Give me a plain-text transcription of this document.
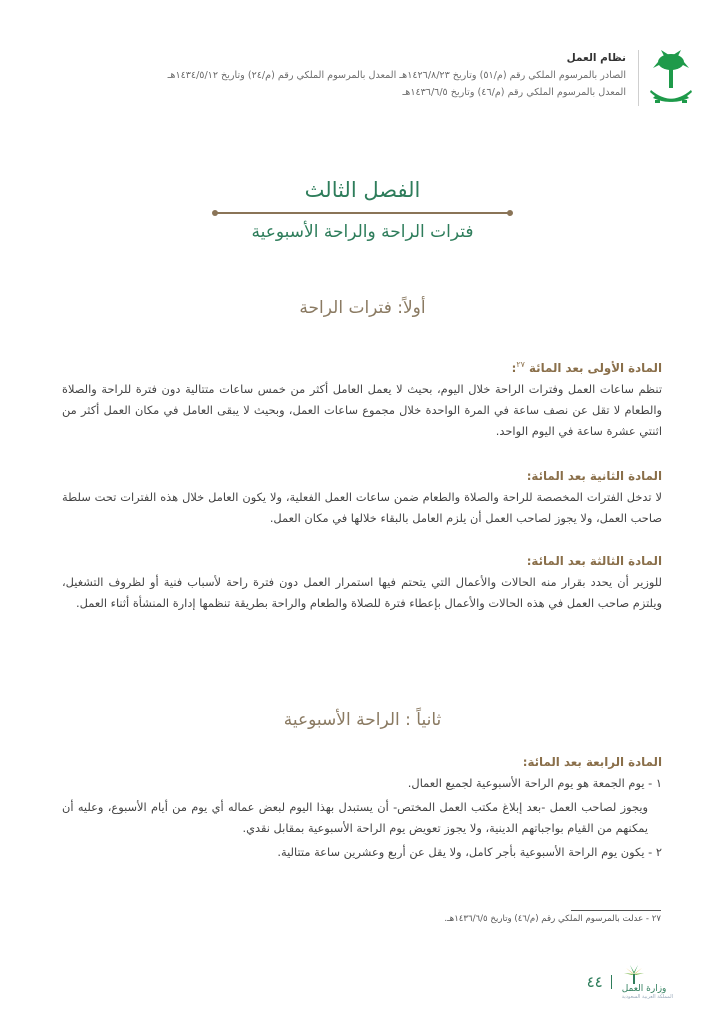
نظام العمل
الصادر بالمرسوم الملكي رقم (م/٥١) وتاريخ ١٤٢٦/٨/٢٣هـ المعدل بالمرسوم الملكي رقم (م/٢٤) وتاريخ ١٤٣٤/٥/١٢هـ
المعدل بالمرسوم الملكي رقم (م/٤٦) وتاريخ ١٤٣٦/٦/٥هـ
الفصل الثالث
فترات الراحة والراحة الأسبوعية
أولاً: فترات الراحة
المادة الأولى بعد المائة $^{٢٧}$:
تنظم ساعات العمل وفترات الراحة خلال اليوم، بحيث لا يعمل العامل أكثر من خمس ساعات متتالية دون فترة للراحة والصلاة والطعام لا تقل عن نصف ساعة في المرة الواحدة خلال مجموع ساعات العمل، وبحيث لا يبقى العامل في مكان العمل أكثر من اثنتي عشرة ساعة في اليوم الواحد.
المادة الثانية بعد المائة:
لا تدخل الفترات المخصصة للراحة والصلاة والطعام ضمن ساعات العمل الفعلية، ولا يكون العامل خلال هذه الفترات تحت سلطة صاحب العمل، ولا يجوز لصاحب العمل أن يلزم العامل بالبقاء خلالها في مكان العمل.
المادة الثالثة بعد المائة:
للوزير أن يحدد بقرار منه الحالات والأعمال التي يتحتم فيها استمرار العمل دون فترة راحة لأسباب فنية أو لظروف التشغيل، ويلتزم صاحب العمل في هذه الحالات والأعمال بإعطاء فترة للصلاة والطعام والراحة بطريقة تنظمها إدارة المنشأة أثناء العمل.
ثانياً : الراحة الأسبوعية
المادة الرابعة بعد المائة:
١ - يوم الجمعة هو يوم الراحة الأسبوعية لجميع العمال.
ويجوز لصاحب العمل -بعد إبلاغ مكتب العمل المختص- أن يستبدل بهذا اليوم لبعض عماله أي يوم من أيام الأسبوع، وعليه أن يمكنهم من القيام بواجباتهم الدينية، ولا يجوز تعويض يوم الراحة الأسبوعية بمقابل نقدي.
٢ - يكون يوم الراحة الأسبوعية بأجر كامل، ولا يقل عن أربع وعشرين ساعة متتالية.
٢٧ - عدلت بالمرسوم الملكي رقم (م/٤٦) وتاريخ ١٤٣٦/٦/٥هـ.
وزارة العمل
المملكة العربية السعودية
٤٤
